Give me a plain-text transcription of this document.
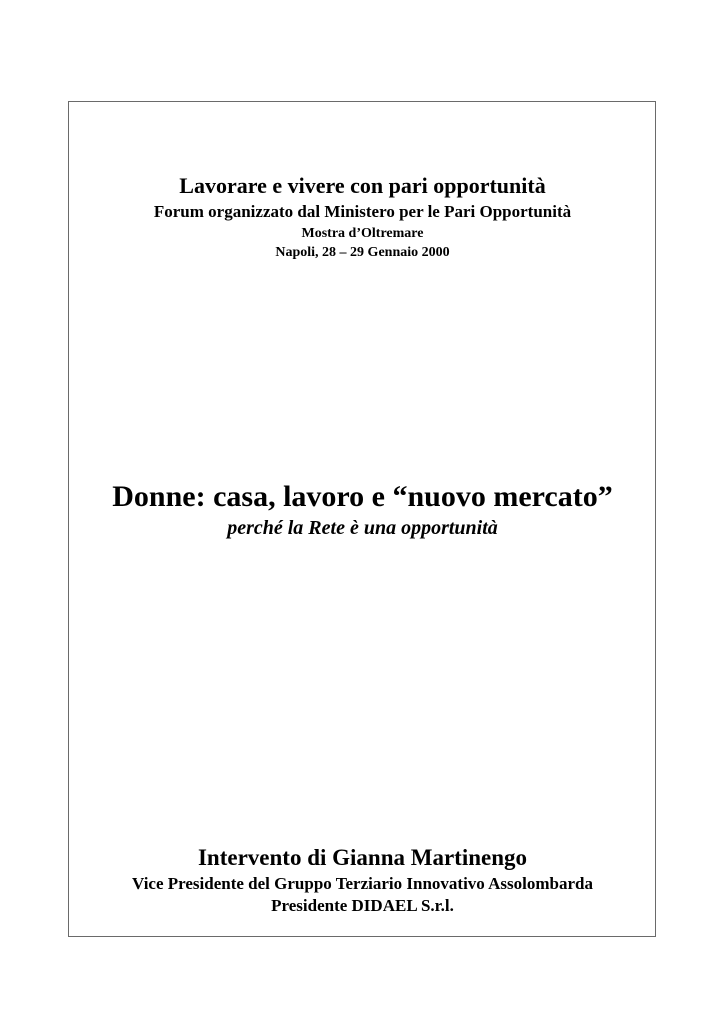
Lavorare e vivere con pari opportunità
Forum organizzato dal Ministero per le Pari Opportunità
Mostra d’Oltremare
Napoli, 28 – 29 Gennaio 2000
Donne: casa, lavoro e “nuovo mercato”
perché la Rete è una opportunità
Intervento di Gianna Martinengo
Vice Presidente del Gruppo Terziario Innovativo Assolombarda
Presidente DIDAEL S.r.l.
